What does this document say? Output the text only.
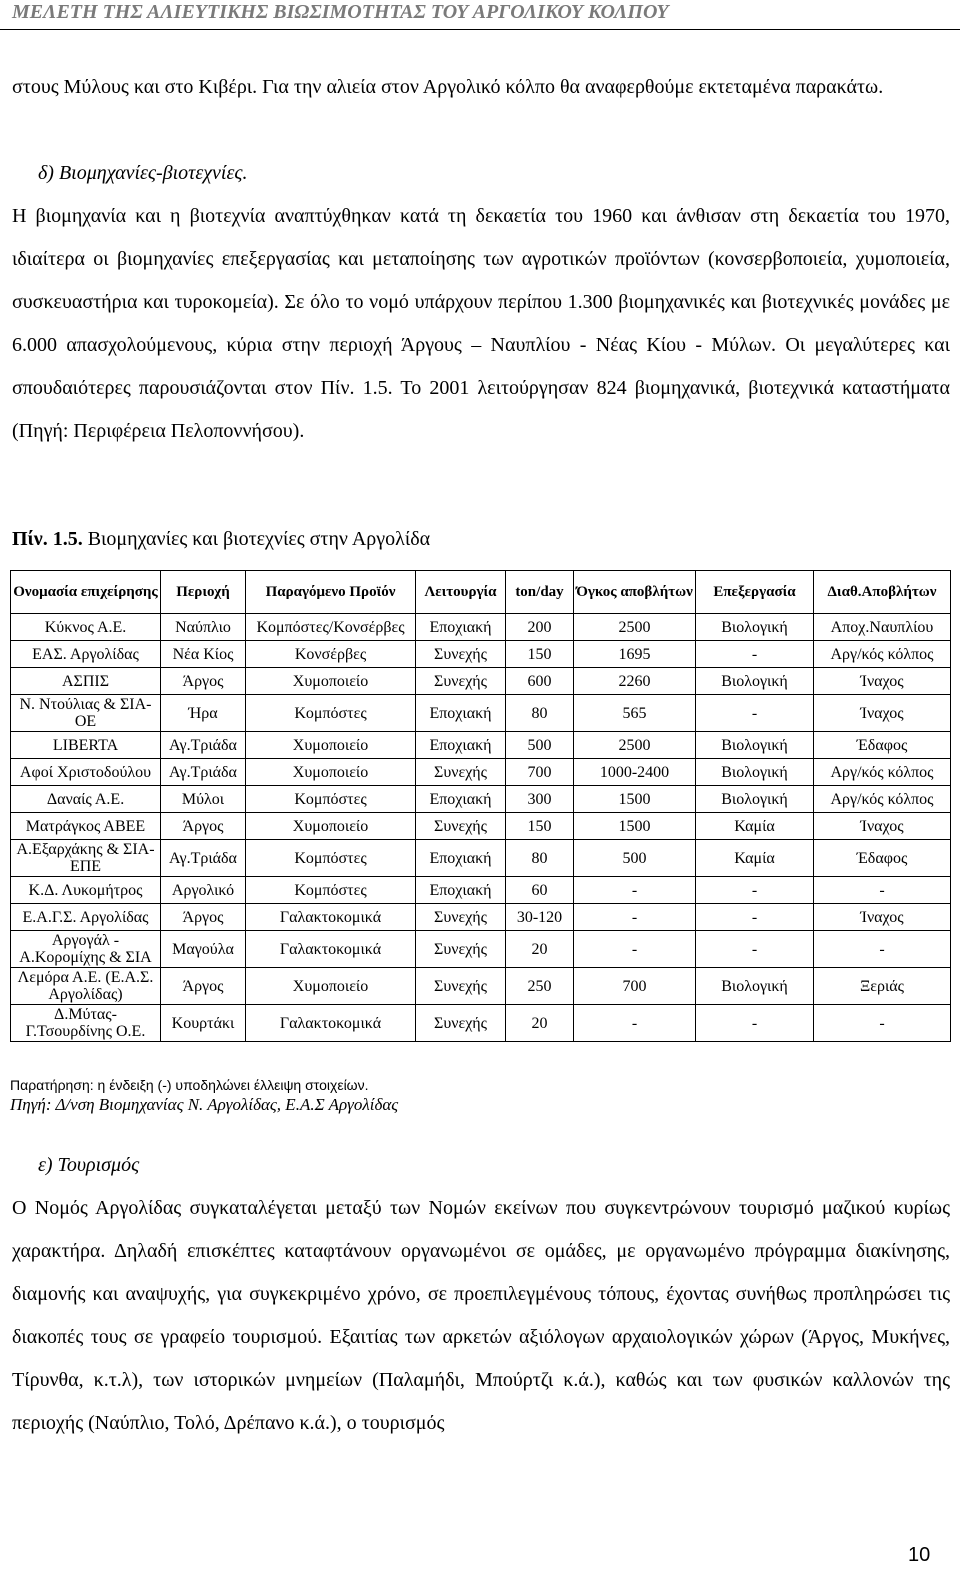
ΜΕΛΕΤΗ ΤΗΣ ΑΛΙΕΥΤΙΚΗΣ ΒΙΩΣΙΜΟΤΗΤΑΣ ΤΟΥ ΑΡΓΟΛΙΚΟΥ ΚΟΛΠΟΥ

στους Μύλους και στο Κιβέρι. Για την αλιεία στον Αργολικό κόλπο θα αναφερθούμε εκτεταμένα παρακάτω.

δ) Βιομηχανίες-βιοτεχνίες.

Η βιομηχανία και η βιοτεχνία αναπτύχθηκαν κατά τη δεκαετία του 1960 και άνθισαν στη δεκαετία του 1970, ιδιαίτερα οι βιομηχανίες επεξεργασίας και μεταποίησης των αγροτικών προϊόντων (κονσερβοποιεία, χυμοποιεία, συσκευαστήρια και τυροκομεία). Σε όλο το νομό υπάρχουν περίπου 1.300 βιομηχανικές και βιοτεχνικές μονάδες με 6.000 απασχολούμενους, κύρια στην περιοχή Άργους – Ναυπλίου - Νέας Κίου - Μύλων. Οι μεγαλύτερες και σπουδαιότερες παρουσιάζονται στον Πίν. 1.5. Το 2001 λειτούργησαν 824 βιομηχανικά, βιοτεχνικά καταστήματα (Πηγή: Περιφέρεια Πελοποννήσου).

Πίν. 1.5. Βιομηχανίες και βιοτεχνίες στην Αργολίδα

Ονομασία επιχείρησης	Περιοχή	Παραγόμενο Προϊόν	Λειτουργία	ton/day	Όγκος αποβλήτων	Επεξεργασία	Διαθ.Αποβλήτων
Κύκνος Α.Ε.	Ναύπλιο	Κομπόστες/Κονσέρβες	Εποχιακή	200	2500	Βιολογική	Αποχ.Ναυπλίου
ΕΑΣ. Αργολίδας	Νέα Κίος	Κονσέρβες	Συνεχής	150	1695	-	Αργ/κός κόλπος
ΑΣΠΙΣ	Άργος	Χυμοποιείο	Συνεχής	600	2260	Βιολογική	Ίναχος
Ν. Ντούλιας & ΣΙΑ-ΟΕ	Ήρα	Κομπόστες	Εποχιακή	80	565	-	Ίναχος
LIBERTA	Αγ.Τριάδα	Χυμοποιείο	Εποχιακή	500	2500	Βιολογική	Έδαφος
Αφοί Χριστοδούλου	Αγ.Τριάδα	Χυμοποιείο	Συνεχής	700	1000-2400	Βιολογική	Αργ/κός κόλπος
Δαναίς Α.Ε.	Μύλοι	Κομπόστες	Εποχιακή	300	1500	Βιολογική	Αργ/κός κόλπος
Ματράγκος ΑΒΕΕ	Άργος	Χυμοποιείο	Συνεχής	150	1500	Καμία	Ίναχος
Α.Εξαρχάκης & ΣΙΑ-ΕΠΕ	Αγ.Τριάδα	Κομπόστες	Εποχιακή	80	500	Καμία	Έδαφος
Κ.Δ. Λυκομήτρος	Αργολικό	Κομπόστες	Εποχιακή	60	-	-	-
Ε.Α.Γ.Σ. Αργολίδας	Άργος	Γαλακτοκομικά	Συνεχής	30-120	-	-	Ίναχος
Αργογάλ - Α.Κορομίχης & ΣΙΑ	Μαγούλα	Γαλακτοκομικά	Συνεχής	20	-	-	-
Λεμόρα Α.Ε. (Ε.Α.Σ. Αργολίδας)	Άργος	Χυμοποιείο	Συνεχής	250	700	Βιολογική	Ξεριάς
Δ.Μύτας-Γ.Τσουρδίνης Ο.Ε.	Κουρτάκι	Γαλακτοκομικά	Συνεχής	20	-	-	-

Παρατήρηση: η ένδειξη (-) υποδηλώνει έλλειψη στοιχείων.

Πηγή: Δ/νση Βιομηχανίας Ν. Αργολίδας, Ε.Α.Σ Αργολίδας

ε) Τουρισμός

Ο Νομός Αργολίδας συγκαταλέγεται μεταξύ των Νομών εκείνων που συγκεντρώνουν τουρισμό μαζικού κυρίως χαρακτήρα. Δηλαδή επισκέπτες καταφτάνουν οργανωμένοι σε ομάδες, με οργανωμένο πρόγραμμα διακίνησης, διαμονής και αναψυχής, για συγκεκριμένο χρόνο, σε προεπιλεγμένους τόπους, έχοντας συνήθως προπληρώσει τις διακοπές τους σε γραφείο τουρισμού. Εξαιτίας των αρκετών αξιόλογων αρχαιολογικών χώρων (Άργος, Μυκήνες, Τίρυνθα, κ.τ.λ), των ιστορικών μνημείων (Παλαμήδι, Μπούρτζι κ.ά.), καθώς και των φυσικών καλλονών της περιοχής (Ναύπλιο, Τολό, Δρέπανο κ.ά.), ο τουρισμός

10
